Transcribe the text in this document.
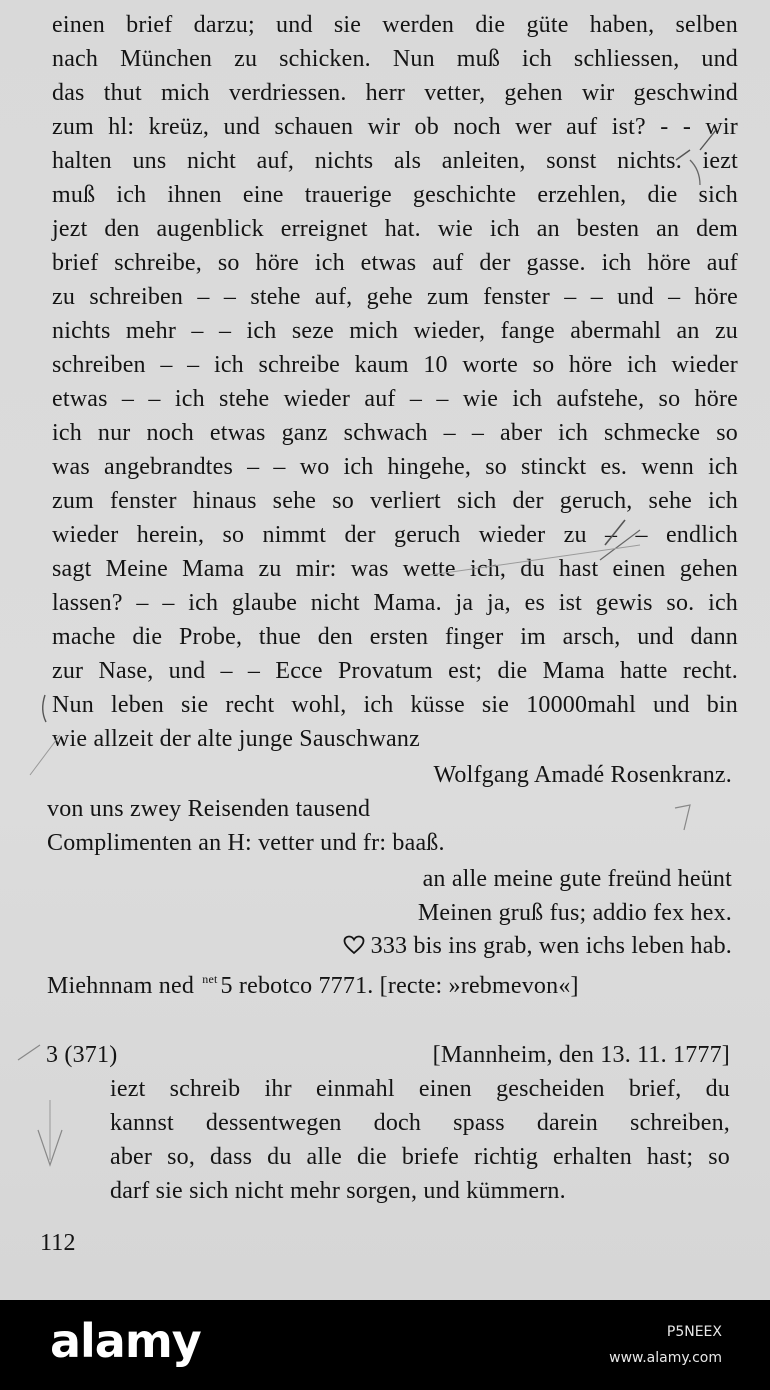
einen brief darzu; und sie werden die güte haben, selben
nach München zu schicken. Nun muß ich schliessen, und
das thut mich verdriessen. herr vetter, gehen wir geschwind
zum hl: kreüz, und schauen wir ob noch wer auf ist? - - wir
halten uns nicht auf, nichts als anleiten, sonst nichts. iezt
muß ich ihnen eine trauerige geschichte erzehlen, die sich
jezt den augenblick erreignet hat. wie ich an besten an dem
brief schreibe, so höre ich etwas auf der gasse. ich höre auf
zu schreiben – – stehe auf, gehe zum fenster – – und – höre
nichts mehr – – ich seze mich wieder, fange abermahl an zu
schreiben – – ich schreibe kaum 10 worte so höre ich wieder
etwas – – ich stehe wieder auf – – wie ich aufstehe, so höre
ich nur noch etwas ganz schwach – – aber ich schmecke so
was angebrandtes – – wo ich hingehe, so stinckt es. wenn ich
zum fenster hinaus sehe so verliert sich der geruch, sehe ich
wieder herein, so nimmt der geruch wieder zu – – endlich
sagt Meine Mama zu mir: was wette ich, du hast einen gehen
lassen? – – ich glaube nicht Mama. ja ja, es ist gewis so. ich
mache die Probe, thue den ersten finger im arsch, und dann
zur Nase, und – – Ecce Provatum est; die Mama hatte recht.
Nun leben sie recht wohl, ich küsse sie 10000mahl und bin
wie allzeit der alte junge Sauschwanz
Wolfgang Amadé Rosenkranz.
von uns zwey Reisenden tausend
Complimenten an H: vetter und fr: baaß.
an alle meine gute freünd heünt
Meinen gruß fus; addio fex hex.
333 bis ins grab, wen ichs leben hab.
Miehnnam ned $^{net}$ 5 rebotco 7771. [recte: »rebmevon«]
3 (371)	[Mannheim, den 13. 11. 1777]
iezt schreib ihr einmahl einen gescheiden brief, du
kannst dessentwegen doch spass darein schreiben,
aber so, dass du alle die briefe richtig erhalten hast; so
darf sie sich nicht mehr sorgen, und kümmern.
112
alamy	P5NEEX
www.alamy.com
